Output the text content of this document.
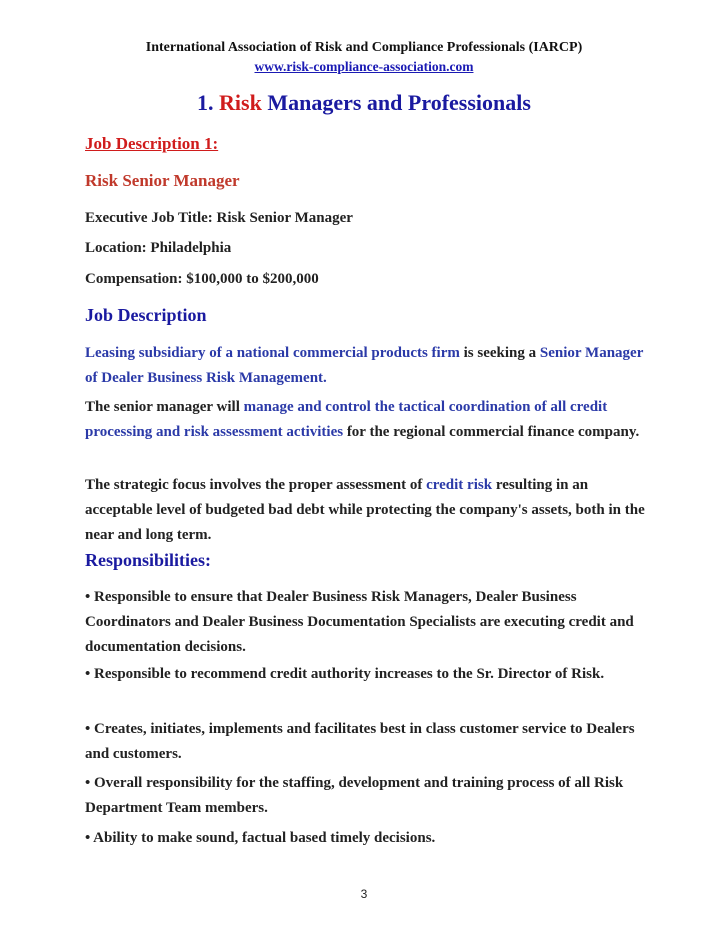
International Association of Risk and Compliance Professionals (IARCP)
www.risk-compliance-association.com
1. Risk Managers and Professionals
Job Description 1:
Risk Senior Manager
Executive Job Title: Risk Senior Manager
Location: Philadelphia
Compensation: $100,000 to $200,000
Job Description
Leasing subsidiary of a national commercial products firm is seeking a Senior Manager of Dealer Business Risk Management.
The senior manager will manage and control the tactical coordination of all credit processing and risk assessment activities for the regional commercial finance company.
The strategic focus involves the proper assessment of credit risk resulting in an acceptable level of budgeted bad debt while protecting the company's assets, both in the near and long term.
Responsibilities:
• Responsible to ensure that Dealer Business Risk Managers, Dealer Business Coordinators and Dealer Business Documentation Specialists are executing credit and documentation decisions.
• Responsible to recommend credit authority increases to the Sr. Director of Risk.
• Creates, initiates, implements and facilitates best in class customer service to Dealers and customers.
• Overall responsibility for the staffing, development and training process of all Risk Department Team members.
• Ability to make sound, factual based timely decisions.
3
